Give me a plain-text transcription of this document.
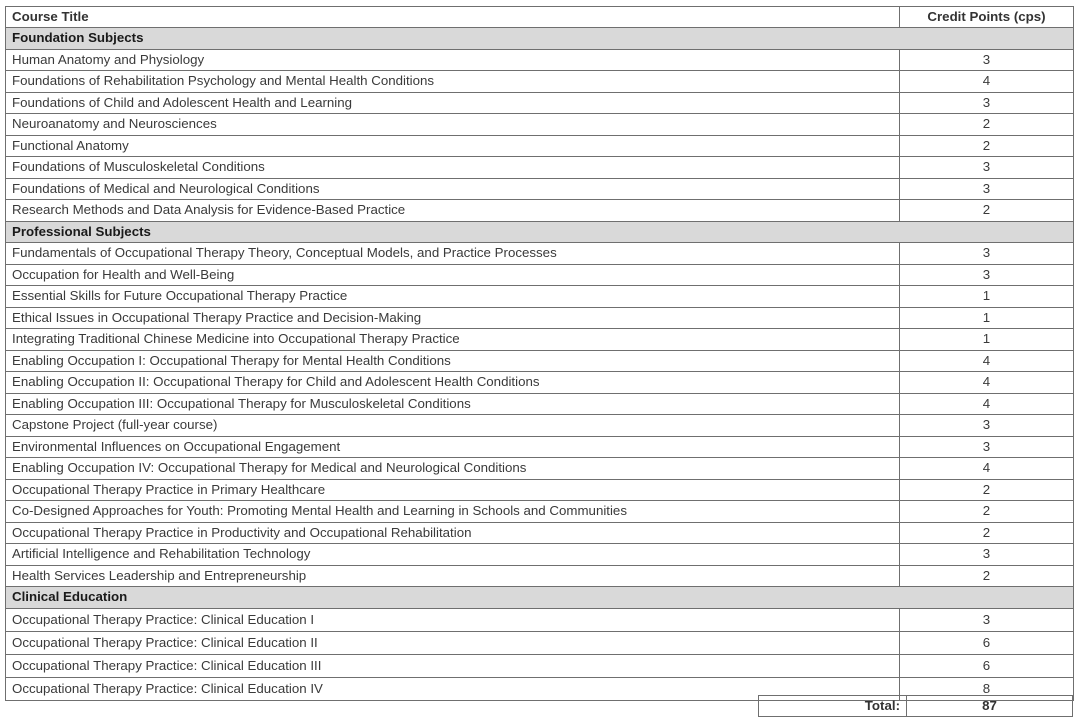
Course Title	Credit Points (cps)
Foundation Subjects	
Human Anatomy and Physiology	3
Foundations of Rehabilitation Psychology and Mental Health Conditions	4
Foundations of Child and Adolescent Health and Learning	3
Neuroanatomy and Neurosciences	2
Functional Anatomy	2
Foundations of Musculoskeletal Conditions	3
Foundations of Medical and Neurological Conditions	3
Research Methods and Data Analysis for Evidence-Based Practice	2
Professional Subjects	
Fundamentals of Occupational Therapy Theory, Conceptual Models, and Practice Processes	3
Occupation for Health and Well-Being	3
Essential Skills for Future Occupational Therapy Practice	1
Ethical Issues in Occupational Therapy Practice and Decision-Making	1
Integrating Traditional Chinese Medicine into Occupational Therapy Practice	1
Enabling Occupation I: Occupational Therapy for Mental Health Conditions	4
Enabling Occupation II: Occupational Therapy for Child and Adolescent Health Conditions	4
Enabling Occupation III: Occupational Therapy for Musculoskeletal Conditions	4
Capstone Project (full-year course)	3
Environmental Influences on Occupational Engagement	3
Enabling Occupation IV: Occupational Therapy for Medical and Neurological Conditions	4
Occupational Therapy Practice in Primary Healthcare	2
Co-Designed Approaches for Youth: Promoting Mental Health and Learning in Schools and Communities	2
Occupational Therapy Practice in Productivity and Occupational Rehabilitation	2
Artificial Intelligence and Rehabilitation Technology	3
Health Services Leadership and Entrepreneurship	2
Clinical Education	
Occupational Therapy Practice: Clinical Education I	3
Occupational Therapy Practice: Clinical Education II	6
Occupational Therapy Practice: Clinical Education III	6
Occupational Therapy Practice: Clinical Education IV	8
Total:	87
